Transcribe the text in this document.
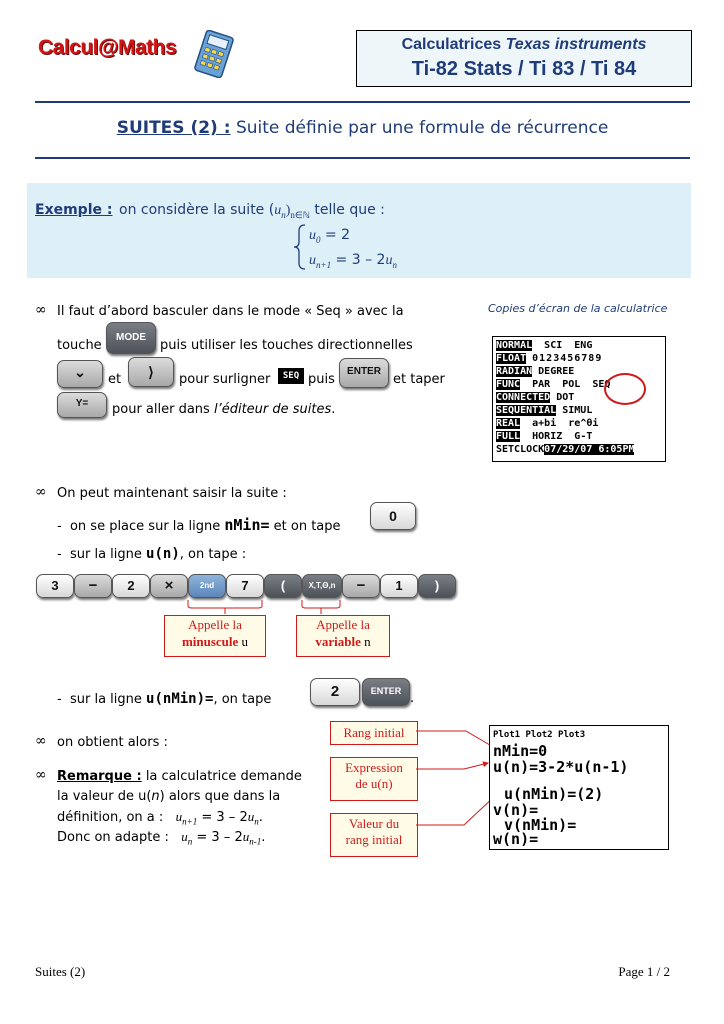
Calcul@Maths	Calculatrices Texas instruments
Ti-82 Stats / Ti 83 / Ti 84
SUITES (2) : Suite définie par une formule de récurrence
Exemple : on considère la suite $(u_n)_{n\in ℕ}$ telle que :
$u_0 = 2$
$u_{n+1} = 3 - 2u_n$
∞ Il faut d’abord basculer dans le mode « Seq » avec la	Copies d’écran de la calculatrice
touche
MODE
puis utiliser les touches directionnelles
⌄	et	⟩	pour surligner	SEQ puis
ENTER
et taper
Y=	pour aller dans l’éditeur de suites.
NORMAL SCI ENG
FLOAT 0123456789
RADIAN DEGREE
FUNC PAR POL SEQ
CONNECTED DOT
SEQUENTIAL SIMUL
REAL a+bi re^θi
FULL HORIZ G-T
SETCLOCK07/29/07 6:05PM
∞ On peut maintenant saisir la suite :
-  on se place sur la ligne nMin= et on tape
0
-  sur la ligne u(n), on tape :
3	−	2	×	2nd	7	(	X,T,Θ,n	−	1	)
Appelle la
minuscule u
Appelle la
variable n
-  sur la ligne u(nMin)=, on tape	2	ENTER .
∞ on obtient alors :
∞ Remarque : la calculatrice demande
la valeur de u(n) alors que dans la
définition, on a : $u_{n+1} = 3 - 2u_n$.
Donc on adapte : $u_n = 3 - 2u_{n-1}$.
Rang initial
Expression
de u(n)
Valeur du
rang initial
Plot1 Plot2 Plot3
nMin=0
u(n)=3-2*u(n-1)
u(nMin)=(2)
v(n)=
v(nMin)=
w(n)=
Suites (2)	Page 1 / 2
